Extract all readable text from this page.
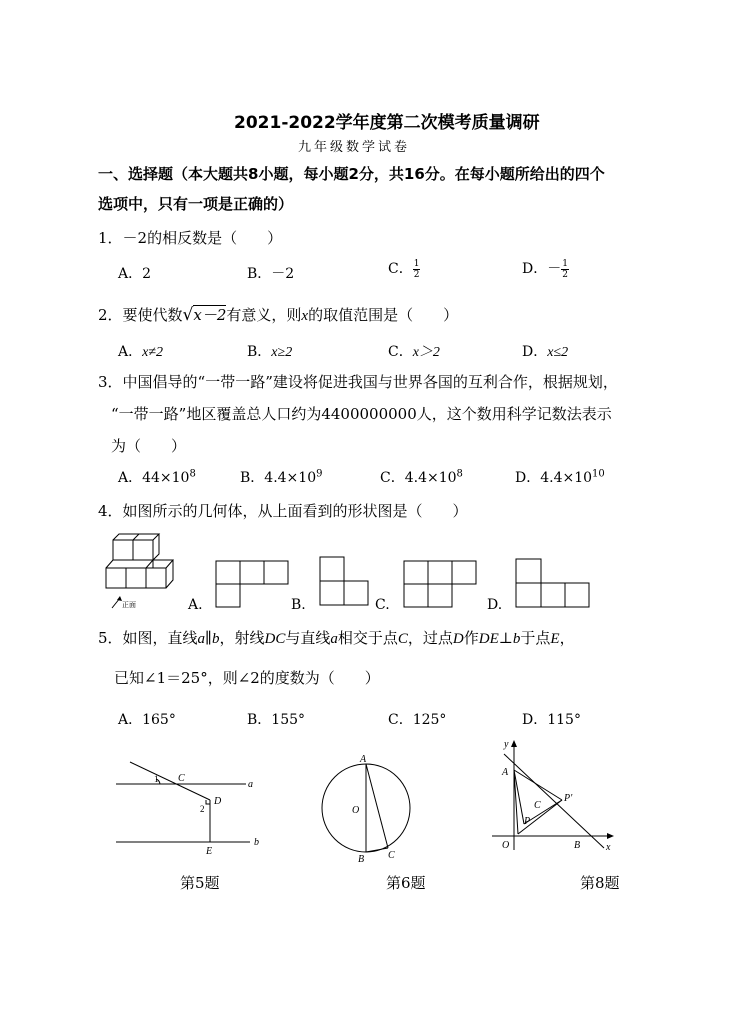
2021-2022学年度第二次模考质量调研
九年级数学试卷
一、选择题（本大题共8小题，每小题2分，共16分。在每小题所给出的四个
选项中，只有一项是正确的）
1．－2的相反数是（　　）
A．2	B．－2	C． $\frac{1}{2}$	D．－ $\frac{1}{2}$
2．要使代数√x－2有意义，则x的取值范围是（　　）
A．x≠2	B．x≥2	C．x＞2	D．x≤2
3．中国倡导的“一带一路”建设将促进我国与世界各国的互利合作，根据规划，
“一带一路”地区覆盖总人口约为4400000000人，这个数用科学记数法表示
为（　　）
A．$44\times 10^8$	B．$4.4\times 10^9$	C．$4.4\times 10^8$	D．$4.4\times 10^{10}$
4．如图所示的几何体，从上面看到的形状图是（　　）
正面	A.	B.	C.	D.
5．如图，直线a∥b，射线DC与直线a相交于点C，过点D作DE⊥b于点E，
已知∠1＝25°，则∠2的度数为（　　）
A．165°	B．155°	C．125°	D．115°
1 C
a
2
D
b
E
A
O
B C
y
A
P'
C
P
O	B	x
第5题	第6题	第8题
